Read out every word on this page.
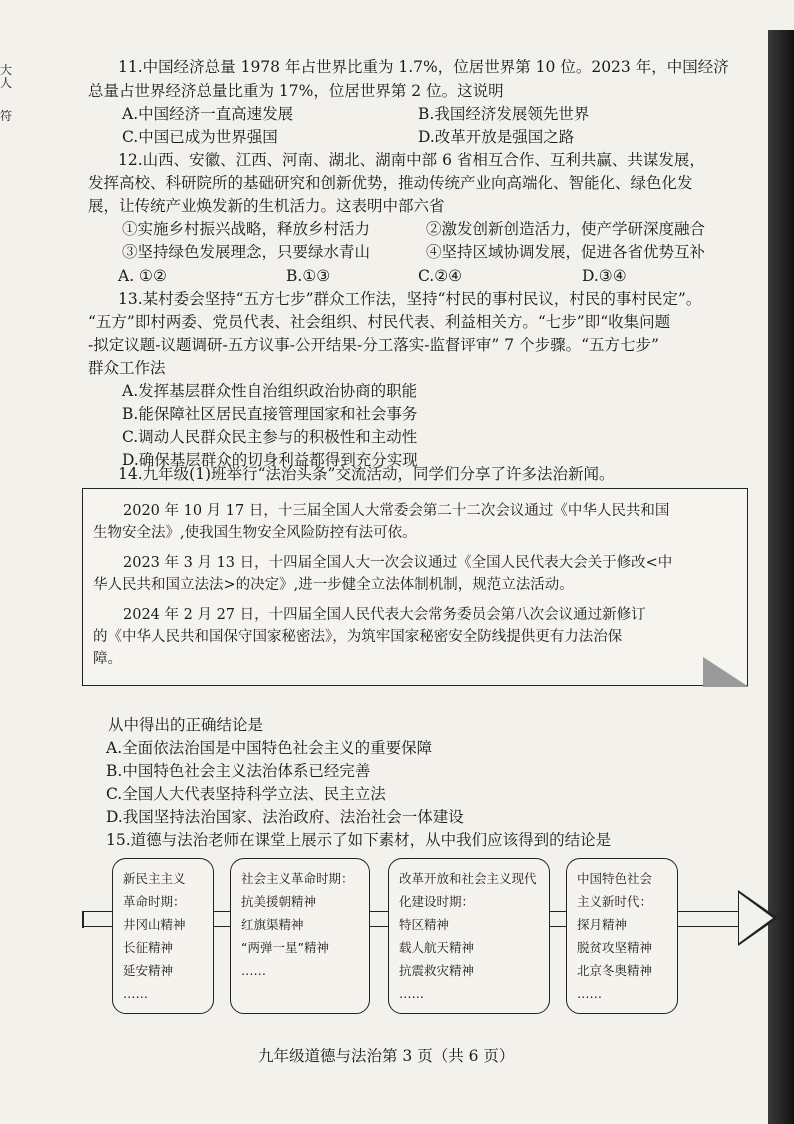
大
人
符
11.中国经济总量 1978 年占世界比重为 1.7%，位居世界第 10 位。2023 年，中国经济
总量占世界经济总量比重为 17%，位居世界第 2 位。这说明
A.中国经济一直高速发展	B.我国经济发展领先世界
C.中国已成为世界强国	D.改革开放是强国之路
12.山西、安徽、江西、河南、湖北、湖南中部 6 省相互合作、互利共赢、共谋发展，
发挥高校、科研院所的基础研究和创新优势，推动传统产业向高端化、智能化、绿色化发
展，让传统产业焕发新的生机活力。这表明中部六省
①实施乡村振兴战略，释放乡村活力	②激发创新创造活力，使产学研深度融合
③坚持绿色发展理念，只要绿水青山	④坚持区域协调发展，促进各省优势互补
A. ①②	B.①③	C.②④	D.③④
13.某村委会坚持“五方七步”群众工作法，坚持“村民的事村民议，村民的事村民定”。
“五方”即村两委、党员代表、社会组织、村民代表、利益相关方。“七步”即“收集问题
-拟定议题-议题调研-五方议事-公开结果-分工落实-监督评审” 7 个步骤。“五方七步”
群众工作法
A.发挥基层群众性自治组织政治协商的职能
B.能保障社区居民直接管理国家和社会事务
C.调动人民群众民主参与的积极性和主动性
D.确保基层群众的切身利益都得到充分实现
14.九年级(1)班举行“法治头条”交流活动，同学们分享了许多法治新闻。
2020 年 10 月 17 日，十三届全国人大常委会第二十二次会议通过《中华人民共和国
生物安全法》,使我国生物安全风险防控有法可依。
2023 年 3 月 13 日，十四届全国人大一次会议通过《全国人民代表大会关于修改<中
华人民共和国立法法>的决定》,进一步健全立法体制机制，规范立法活动。
2024 年 2 月 27 日，十四届全国人民代表大会常务委员会第八次会议通过新修订
的《中华人民共和国保守国家秘密法》，为筑牢国家秘密安全防线提供更有力法治保
障。
从中得出的正确结论是
A.全面依法治国是中国特色社会主义的重要保障
B.中国特色社会主义法治体系已经完善
C.全国人大代表坚持科学立法、民主立法
D.我国坚持法治国家、法治政府、法治社会一体建设
15.道德与法治老师在课堂上展示了如下素材，从中我们应该得到的结论是
新民主主义
革命时期：
井冈山精神
长征精神
延安精神
……
社会主义革命时期：
抗美援朝精神
红旗渠精神
“两弹一星”精神
……
改革开放和社会主义现代
化建设时期：
特区精神
载人航天精神
抗震救灾精神
……
中国特色社会
主义新时代：
探月精神
脱贫攻坚精神
北京冬奥精神
……
九年级道德与法治第 3 页（共 6 页）
